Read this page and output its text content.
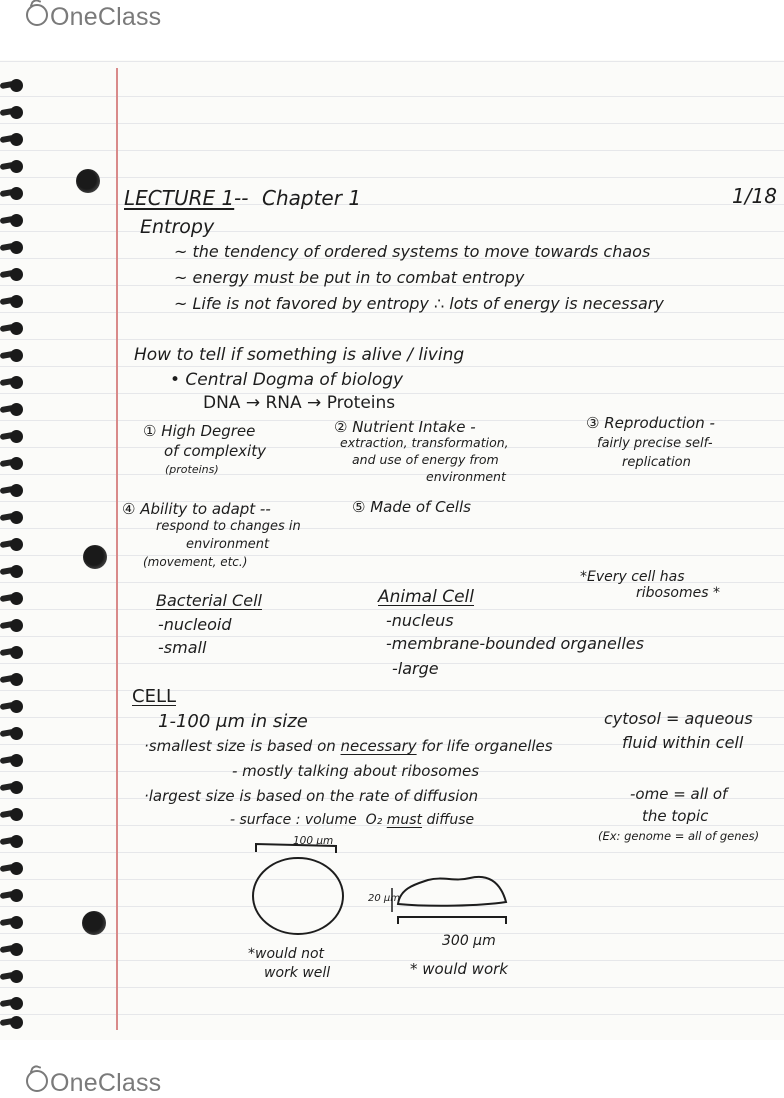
OneClass
OneClass
LECTURE 1 -- Chapter 1	1/18
Entropy
~ the tendency of ordered systems to move towards chaos
~ energy must be put in to combat entropy
~ Life is not favored by entropy ∴ lots of energy is necessary
How to tell if something is alive / living
• Central Dogma of biology
DNA → RNA → Proteins
① High Degree
of complexity
(proteins)
② Nutrient Intake -
extraction, transformation,
and use of energy from
environment
③ Reproduction -
fairly precise self-
replication
④ Ability to adapt --
respond to changes in
environment
(movement, etc.)
⑤ Made of Cells
*Every cell has
ribosomes *
Bacterial Cell
-nucleoid
-small
Animal Cell
-nucleus
-membrane-bounded organelles
-large
CELL
1-100 μm in size
·smallest size is based on necessary for life organelles
- mostly talking about ribosomes
·largest size is based on the rate of diffusion
- surface : volume O₂ must diffuse
cytosol = aqueous
fluid within cell
-ome = all of
the topic
(Ex: genome = all of genes)
100 μm
20 μm
300 μm
*would not
work well	* would work
